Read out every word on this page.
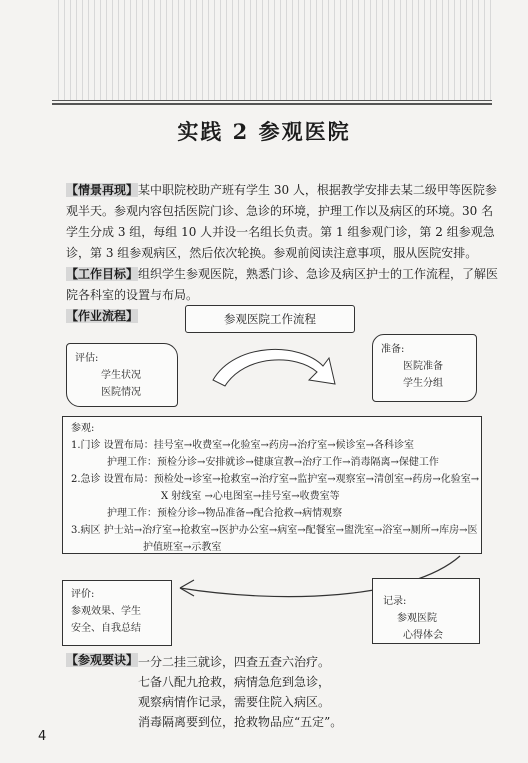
实践 2 参观医院
【情景再现】某中职院校助产班有学生 30 人，根据教学安排去某二级甲等医院参观半天。参观内容包括医院门诊、急诊的环境，护理工作以及病区的环境。30 名学生分成 3 组，每组 10 人并设一名组长负责。第 1 组参观门诊，第 2 组参观急诊，第 3 组参观病区，然后依次轮换。参观前阅读注意事项，服从医院安排。
【工作目标】组织学生参观医院，熟悉门诊、急诊及病区护士的工作流程，了解医院各科室的设置与布局。
【作业流程】	参观医院工作流程
评估:
学生状况
医院情况
准备:
医院准备
学生分组
参观:
1.门诊 设置布局：挂号室→收费室→化验室→药房→治疗室→候诊室→各科诊室
护理工作：预检分诊→安排就诊→健康宣教→治疗工作→消毒隔离→保健工作
2.急诊 设置布局：预检处→诊室→抢救室→治疗室→监护室→观察室→清创室→药房→化验室→
X 射线室 →心电图室→挂号室→收费室等
护理工作：预检分诊→物品准备→配合抢救→病情观察
3.病区 护士站→治疗室→抢救室→医护办公室→病室→配餐室→盥洗室→浴室→厕所→库房→医
护值班室→示教室
评价:
参观效果、学生
安全、自我总结
记录:
参观医院
心得体会
【参观要诀】 一分二挂三就诊，四查五查六治疗。
七备八配九抢救，病情急危到急诊，
观察病情作记录，需要住院入病区。
消毒隔离要到位，抢救物品应“五定”。
4
